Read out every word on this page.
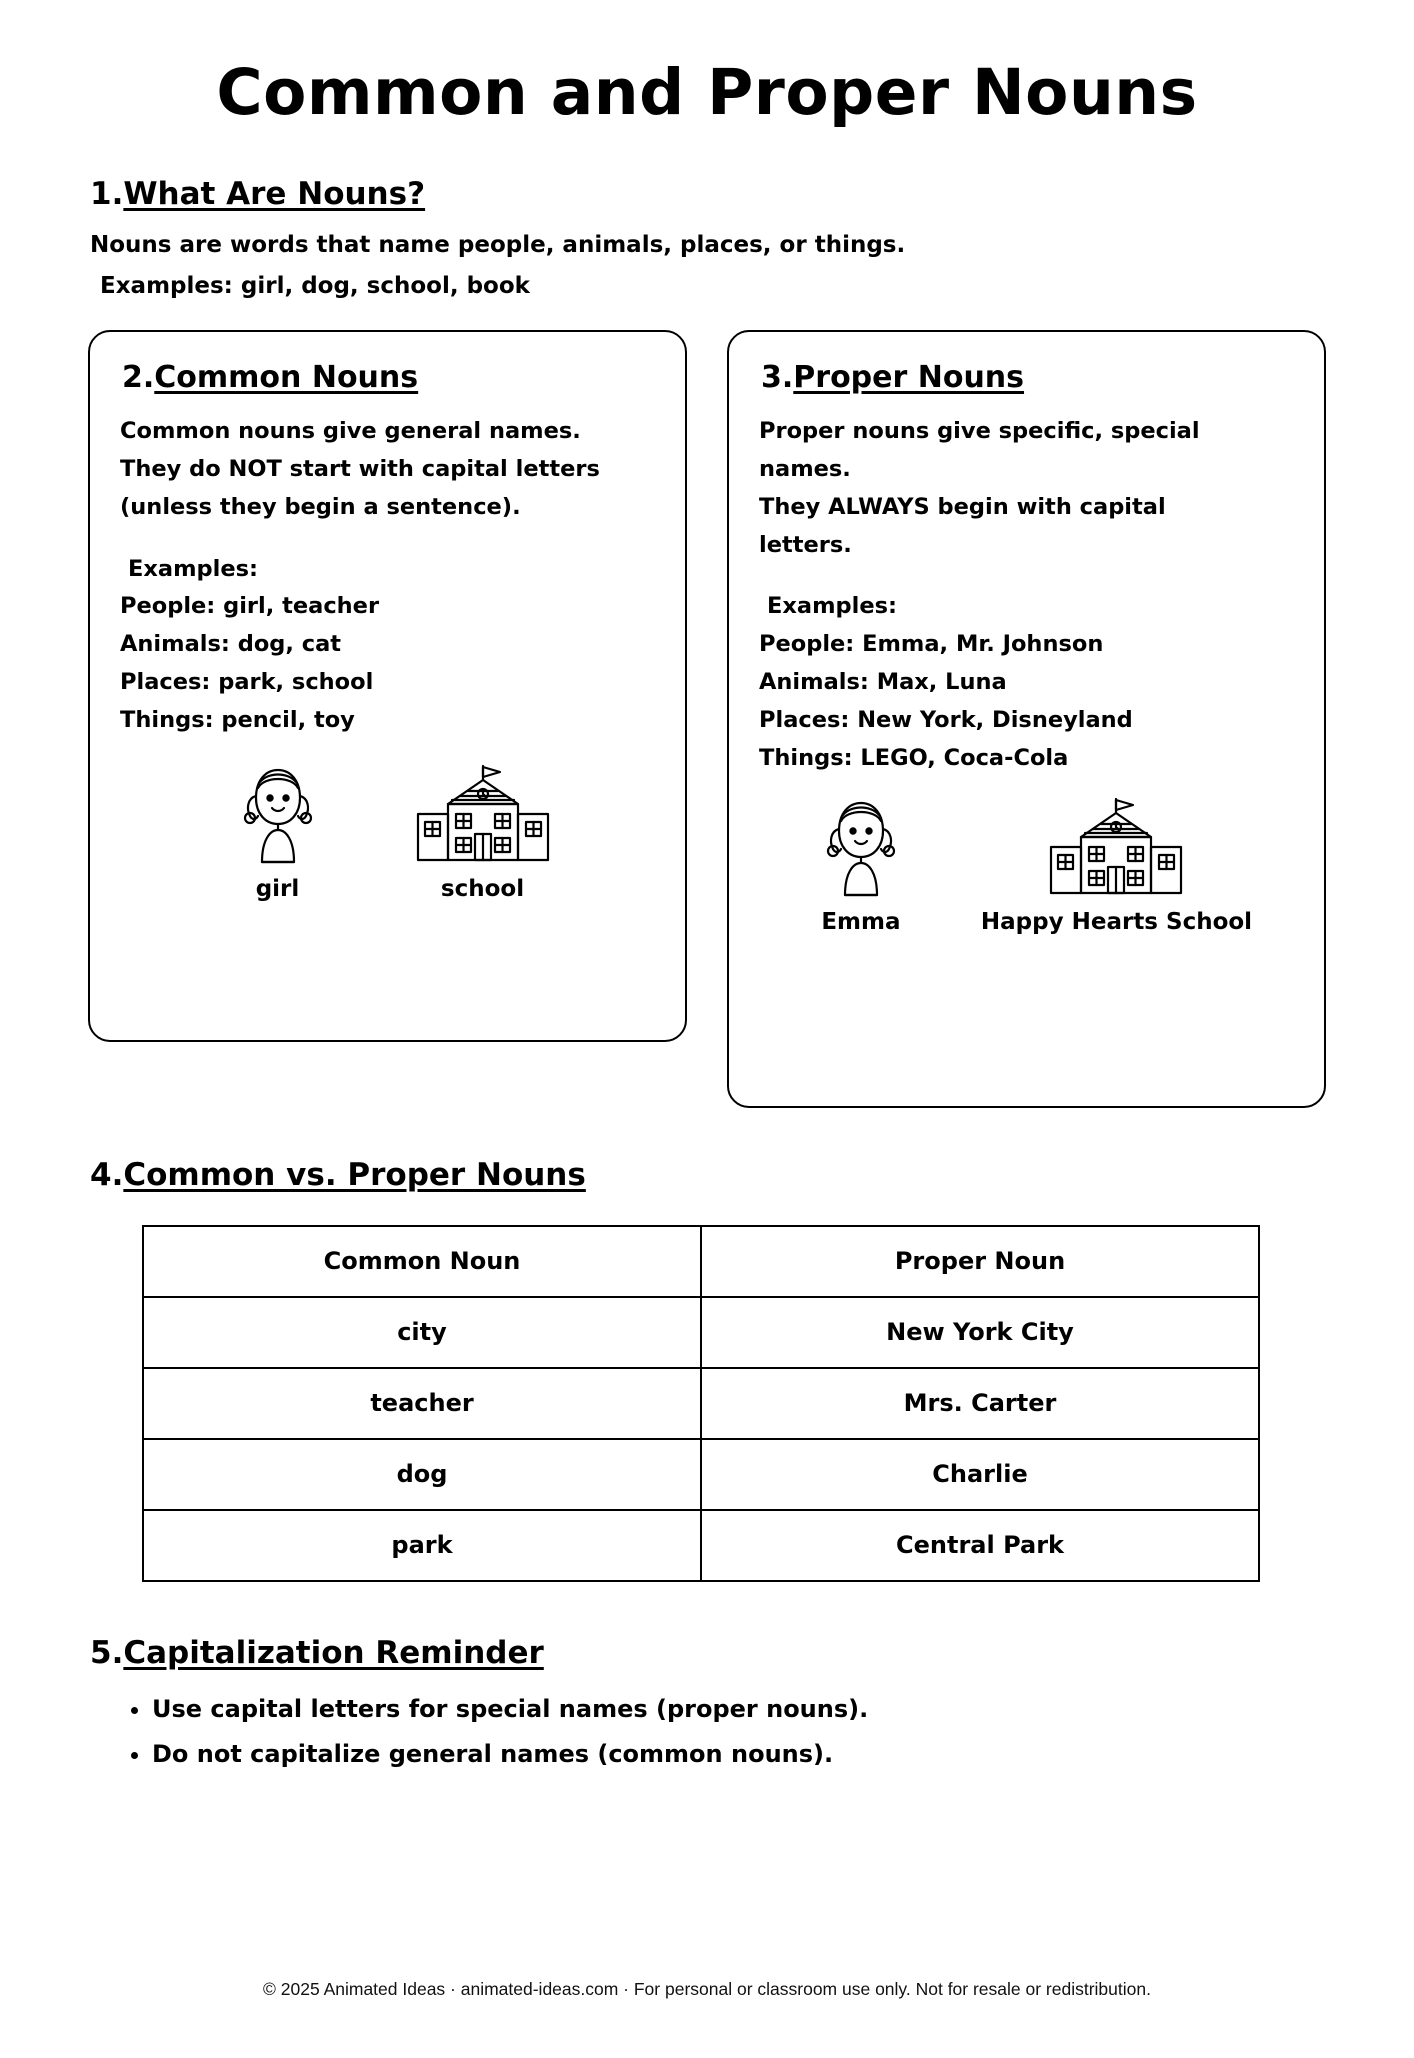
Common and Proper Nouns
1. What Are Nouns?
Nouns are words that name people, animals, places, or things.
Examples: girl, dog, school, book
2. Common Nouns
Common nouns give general names.
They do NOT start with capital letters
(unless they begin a sentence).
Examples:
People: girl, teacher
Animals: dog, cat
Places: park, school
Things: pencil, toy
girl	school
3. Proper Nouns
Proper nouns give specific, special
names.
They ALWAYS begin with capital
letters.
Examples:
People: Emma, Mr. Johnson
Animals: Max, Luna
Places: New York, Disneyland
Things: LEGO, Coca-Cola
Emma	Happy Hearts School
4. Common vs. Proper Nouns
Common Noun	Proper Noun
city	New York City
teacher	Mrs. Carter
dog	Charlie
park	Central Park
5. Capitalization Reminder
• Use capital letters for special names (proper nouns).
• Do not capitalize general names (common nouns).
© 2025 Animated Ideas · animated-ideas.com · For personal or classroom use only. Not for resale or redistribution.
